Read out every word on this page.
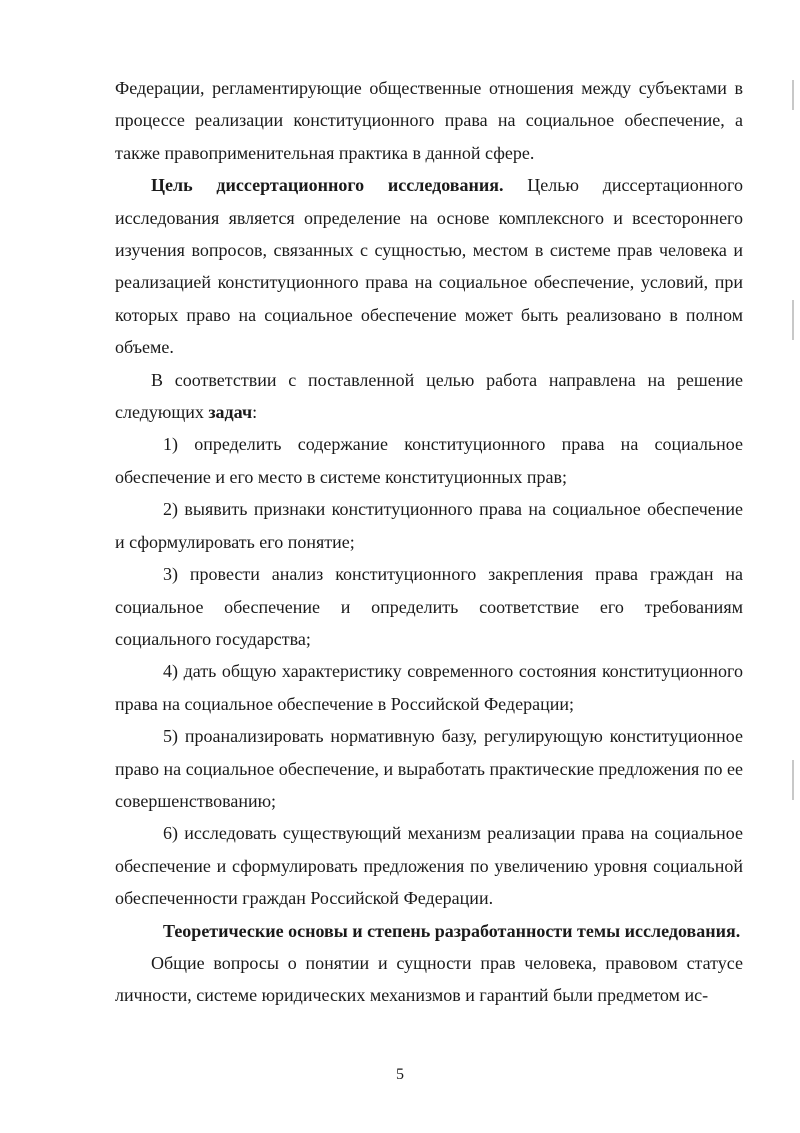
Федерации, регламентирующие общественные отношения между субъектами в процессе реализации конституционного права на социальное обеспечение, а также правоприменительная практика в данной сфере.

Цель диссертационного исследования. Целью диссертационного исследования является определение на основе комплексного и всестороннего изучения вопросов, связанных с сущностью, местом в системе прав человека и реализацией конституционного права на социальное обеспечение, условий, при которых право на социальное обеспечение может быть реализовано в полном объеме.

В соответствии с поставленной целью работа направлена на решение следующих задач:

1) определить содержание конституционного права на социальное обеспечение и его место в системе конституционных прав;

2) выявить признаки конституционного права на социальное обеспечение и сформулировать его понятие;

3) провести анализ конституционного закрепления права граждан на социальное обеспечение и определить соответствие его требованиям социального государства;

4) дать общую характеристику современного состояния конституционного права на социальное обеспечение в Российской Федерации;

5) проанализировать нормативную базу, регулирующую конституционное право на социальное обеспечение, и выработать практические предложения по ее совершенствованию;

6) исследовать существующий механизм реализации права на социальное обеспечение и сформулировать предложения по увеличению уровня социальной обеспеченности граждан Российской Федерации.

Теоретические основы и степень разработанности темы исследования.

Общие вопросы о понятии и сущности прав человека, правовом статусе личности, системе юридических механизмов и гарантий были предметом ис-

5
